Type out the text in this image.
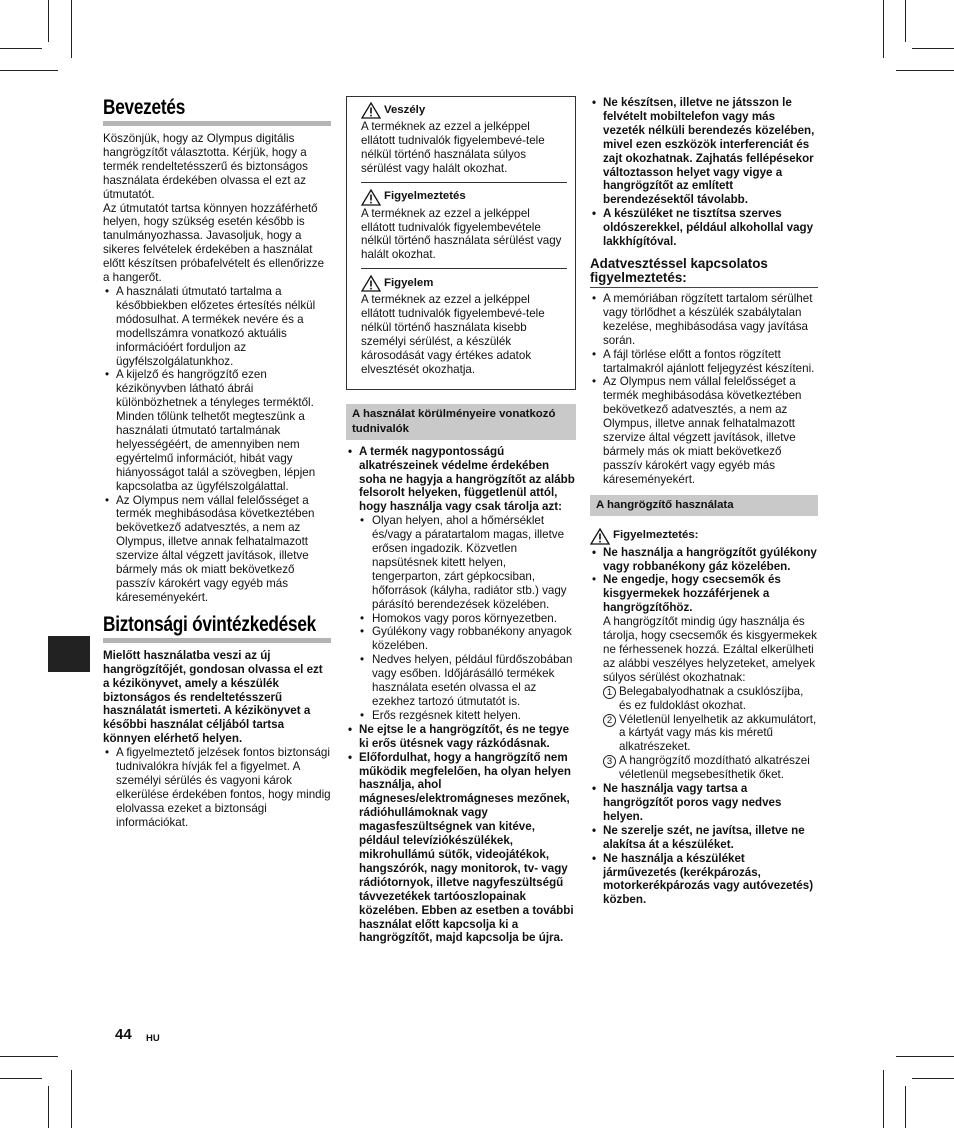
Bevezetés

Köszönjük, hogy az Olympus digitális hangrögzítőt választotta. Kérjük, hogy a termék rendeltetésszerű és biztonságos használata érdekében olvassa el ezt az útmutatót.

Az útmutatót tartsa könnyen hozzáférhető helyen, hogy szükség esetén később is tanulmányozhassa. Javasoljuk, hogy a sikeres felvételek érdekében a használat előtt készítsen próbafelvételt és ellenőrizze a hangerőt.

• A használati útmutató tartalma a későbbiekben előzetes értesítés nélkül módosulhat. A termékek nevére és a modellszámra vonatkozó aktuális információért forduljon az ügyfélszolgálatunkhoz.
• A kijelző és hangrögzítő ezen kézikönyvben látható ábrái különbözhetnek a tényleges terméktől. Minden tőlünk telhetőt megteszünk a használati útmutató tartalmának helyességéért, de amennyiben nem egyértelmű információt, hibát vagy hiányosságot talál a szövegben, lépjen kapcsolatba az ügyfélszolgálattal.
• Az Olympus nem vállal felelősséget a termék meghibásodása következtében bekövetkező adatvesztés, a nem az Olympus, illetve annak felhatalmazott szervize által végzett javítások, illetve bármely más ok miatt bekövetkező passzív károkért vagy egyéb más káreseményekért.
Biztonsági óvintézkedések

Mielőtt használatba veszi az új hangrögzítőjét, gondosan olvassa el ezt a kézikönyvet, amely a készülék biztonságos és rendeltetésszerű használatát ismerteti. A kézikönyvet a későbbi használat céljából tartsa könnyen elérhető helyen.

• A figyelmeztető jelzések fontos biztonsági tudnivalókra hívják fel a figyelmet. A személyi sérülés és vagyoni károk elkerülése érdekében fontos, hogy mindig elolvassa ezeket a biztonsági információkat.
Veszély

A terméknek az ezzel a jelképpel ellátott tudnivalók figyelembevé-tele nélkül történő használata súlyos sérülést vagy halált okozhat.

Figyelmeztetés

A terméknek az ezzel a jelképpel ellátott tudnivalók figyelembevétele nélkül történő használata sérülést vagy halált okozhat.

Figyelem

A terméknek az ezzel a jelképpel ellátott tudnivalók figyelembevé-tele nélkül történő használata kisebb személyi sérülést, a készülék károsodását vagy értékes adatok elvesztését okozhatja.

A használat körülményeire vonatkozó tudnivalók
• A termék nagypontosságú alkatrészeinek védelme érdekében soha ne hagyja a hangrögzítőt az alább felsorolt helyeken, függetlenül attól, hogy használja vagy csak tárolja azt:
• Olyan helyen, ahol a hőmérséklet és/vagy a páratartalom magas, illetve erősen ingadozik. Közvetlen napsütésnek kitett helyen, tengerparton, zárt gépkocsiban, hőforrások (kályha, radiátor stb.) vagy párásító berendezések közelében.
• Homokos vagy poros környezetben.
• Gyúlékony vagy robbanékony anyagok közelében.
• Nedves helyen, például fürdőszobában vagy esőben. Időjárásálló termékek használata esetén olvassa el az ezekhez tartozó útmutatót is.
• Erős rezgésnek kitett helyen.
• Ne ejtse le a hangrögzítőt, és ne tegye ki erős ütésnek vagy rázkódásnak.
• Előfordulhat, hogy a hangrögzítő nem működik megfelelően, ha olyan helyen használja, ahol mágneses/elektromágneses mezőnek, rádióhullámoknak vagy magasfeszültségnek van kitéve, például televíziókészülékek, mikrohullámú sütők, videojátékok, hangszórók, nagy monitorok, tv- vagy rádiótornyok, illetve nagyfeszültségű távvezetékek tartóoszlopainak közelében. Ebben az esetben a további használat előtt kapcsolja ki a hangrögzítőt, majd kapcsolja be újra.
• Ne készítsen, illetve ne játsszon le felvételt mobiltelefon vagy más vezeték nélküli berendezés közelében, mivel ezen eszközök interferenciát és zajt okozhatnak. Zajhatás fellépésekor változtasson helyet vagy vigye a hangrögzítőt az említett berendezésektől távolabb.
• A készüléket ne tisztítsa szerves oldószerekkel, például alkohollal vagy lakkhígítóval.
Adatvesztéssel kapcsolatos figyelmeztetés:
• A memóriában rögzített tartalom sérülhet vagy törlődhet a készülék szabálytalan kezelése, meghibásodása vagy javítása során.
• A fájl törlése előtt a fontos rögzített tartalmakról ajánlott feljegyzést készíteni.
• Az Olympus nem vállal felelősséget a termék meghibásodása következtében bekövetkező adatvesztés, a nem az Olympus, illetve annak felhatalmazott szervize által végzett javítások, illetve bármely más ok miatt bekövetkező passzív károkért vagy egyéb más káreseményekért.
A hangrögzítő használata
Figyelmeztetés:
• Ne használja a hangrögzítőt gyúlékony vagy robbanékony gáz közelében.
• Ne engedje, hogy csecsemők és kisgyermekek hozzáférjenek a hangrögzítőhöz.

A hangrögzítőt mindig úgy használja és tárolja, hogy csecsemők és kisgyermekek ne férhessenek hozzá. Ezáltal elkerülheti az alábbi veszélyes helyzeteket, amelyek súlyos sérülést okozhatnak:

1 Belegabalyodhatnak a csuklószíjba, és ez fuldoklást okozhat.
2 Véletlenül lenyelhetik az akkumulátort, a kártyát vagy más kis méretű alkatrészeket.
3 A hangrögzítő mozdítható alkatrészei véletlenül megsebesíthetik őket.
• Ne használja vagy tartsa a hangrögzítőt poros vagy nedves helyen.
• Ne szerelje szét, ne javítsa, illetve ne alakítsa át a készüléket.
• Ne használja a készüléket járművezetés (kerékpározás, motorkerékpározás vagy autóvezetés) közben.
44 HU
